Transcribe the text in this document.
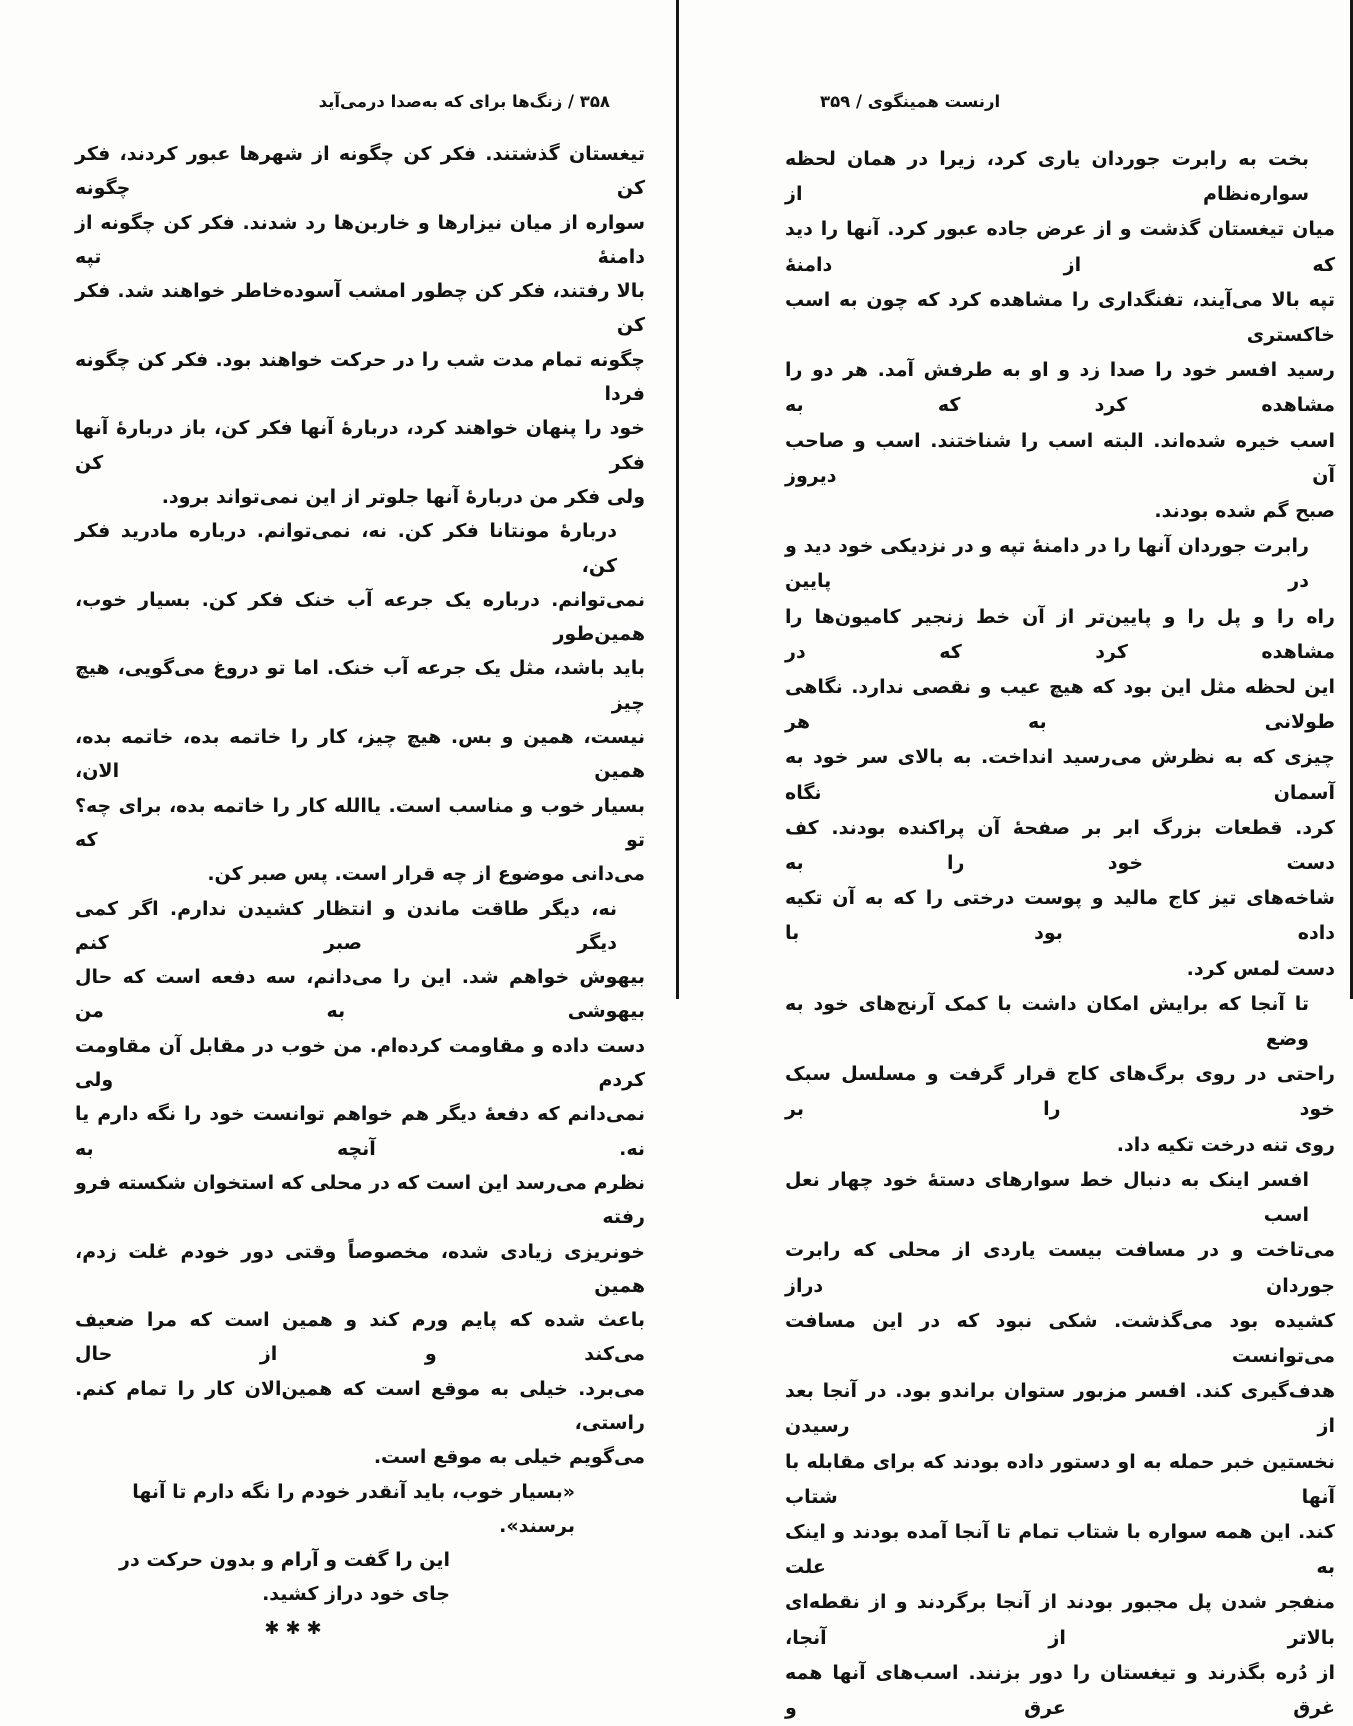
۳۵۸ / زنگ‌ها برای که به‌صدا درمی‌آید
تیغستان گذشتند. فکر کن چگونه از شهرها عبور کردند، فکر کن چگونه
سواره از میان نیزارها و خاربن‌ها رد شدند. فکر کن چگونه از دامنهٔ تپه
بالا رفتند، فکر کن چطور امشب آسوده‌خاطر خواهند شد. فکر کن
چگونه تمام مدت شب را در حرکت خواهند بود. فکر کن چگونه فردا
خود را پنهان خواهند کرد، دربارهٔ آنها فکر کن، باز دربارهٔ آنها فکر کن
ولی فکر من دربارهٔ آنها جلوتر از این نمی‌تواند برود.
دربارهٔ مونتانا فکر کن. نه، نمی‌توانم. درباره مادرید فکر کن،
نمی‌توانم. درباره یک جرعه آب خنک فکر کن. بسیار خوب، همین‌طور
باید باشد، مثل یک جرعه آب خنک. اما تو دروغ می‌گویی، هیچ چیز
نیست، همین و بس. هیچ چیز، کار را خاتمه بده، خاتمه بده، همین الان،
بسیار خوب و مناسب است. یاالله کار را خاتمه بده، برای چه؟ تو که
می‌دانی موضوع از چه قرار است. پس صبر کن.
نه، دیگر طاقت ماندن و انتظار کشیدن ندارم. اگر کمی دیگر صبر کنم
بیهوش خواهم شد. این را می‌دانم، سه دفعه است که حال بیهوشی به من
دست داده و مقاومت کرده‌ام. من خوب در مقابل آن مقاومت کردم ولی
نمی‌دانم که دفعهٔ دیگر هم خواهم توانست خود را نگه دارم یا نه. آنچه به
نظرم می‌رسد این است که در محلی که استخوان شکسته فرو رفته
خونریزی زیادی شده، مخصوصاً وقتی دور خودم غلت زدم، همین
باعث شده که پایم ورم کند و همین است که مرا ضعیف می‌کند و از حال
می‌برد. خیلی به موقع است که همین‌الان کار را تمام کنم. راستی،
می‌گویم خیلی به موقع است.
«بسیار خوب، باید آنقدر خودم را نگه دارم تا آنها برسند».
این را گفت و آرام و بدون حرکت در جای خود دراز کشید.
✱✱✱
ارنست همینگوی / ۳۵۹
بخت به رابرت جوردان یاری کرد، زیرا در همان لحظه سواره‌نظام از
میان تیغستان گذشت و از عرض جاده عبور کرد. آنها را دید که از دامنهٔ
تپه بالا می‌آیند، تفنگداری را مشاهده کرد که چون به اسب خاکستری
رسید افسر خود را صدا زد و او به طرفش آمد. هر دو را مشاهده کرد که به
اسب خیره شده‌اند. البته اسب را شناختند. اسب و صاحب آن دیروز
صبح گم شده بودند.
رابرت جوردان آنها را در دامنهٔ تپه و در نزدیکی خود دید و در پایین
راه را و پل را و پایین‌تر از آن خط زنجیر کامیون‌ها را مشاهده کرد که در
این لحظه مثل این بود که هیچ عیب و نقصی ندارد. نگاهی طولانی به هر
چیزی که به نظرش می‌رسید انداخت. به بالای سر خود به آسمان نگاه
کرد. قطعات بزرگ ابر بر صفحهٔ آن پراکنده بودند. کف دست خود را به
شاخه‌های تیز کاج مالید و پوست درختی را که به آن تکیه داده بود با
دست لمس کرد.
تا آنجا که برایش امکان داشت با کمک آرنج‌های خود به وضع
راحتی در روی برگ‌های کاج قرار گرفت و مسلسل سبک خود را بر
روی تنه درخت تکیه داد.
افسر اینک به دنبال خط سوارهای دستهٔ خود چهار نعل اسب
می‌تاخت و در مسافت بیست یاردی از محلی که رابرت جوردان دراز
کشیده بود می‌گذشت. شکی نبود که در این مسافت می‌توانست
هدف‌گیری کند. افسر مزبور ستوان براندو بود. در آنجا بعد از رسیدن
نخستین خبر حمله به او دستور داده بودند که برای مقابله با آنها شتاب
کند. این همه سواره با شتاب تمام تا آنجا آمده بودند و اینک به علت
منفجر شدن پل مجبور بودند از آنجا برگردند و از نقطه‌ای بالاتر از آنجا،
از دُره بگذرند و تیغستان را دور بزنند. اسب‌های آنها همه غرق عرق و
